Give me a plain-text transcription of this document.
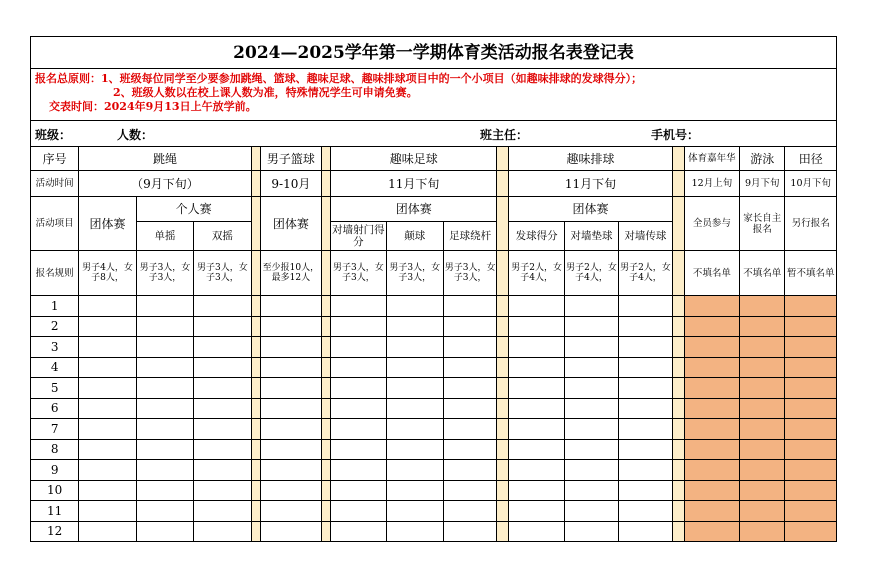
2024—2025学年第一学期体育类活动报名表登记表
报名总原则：1、班级每位同学至少要参加跳绳、篮球、趣味足球、趣味排球项目中的一个小项目（如趣味排球的发球得分）；
2、班级人数以在校上课人数为准，特殊情况学生可申请免赛。
交表时间：2024年9月13日上午放学前。
班级：	人数：	班主任：	手机号：
序号	跳绳				男子篮球		趣味足球				趣味排球				体育嘉年华	游泳	田径
活动时间	（9月下旬）				9-10月		11月下旬				11月下旬				12月上旬	9月下旬	10月下旬
活动项目	团体赛	个人赛			团体赛		团体赛				团体赛				全员参与	家长自主报名	另行报名
		单摇	双摇				对墙射门得分	颠球	足球绕杆		发球得分	对墙垫球	对墙传球				
报名规则	男子4人，女子8人，	男子3人，女子3人，	男子3人，女子3人，		至少报10人，最多12人		男子3人，女子3人，	男子3人，女子3人，	男子3人，女子3人，		男子2人，女子4人，	男子2人，女子4人，	男子2人，女子4人，		不填名单	不填名单	暂不填名单
1																	
2																	
3																	
4																	
5																	
6																	
7																	
8																	
9																	
10																	
11																	
12																	
